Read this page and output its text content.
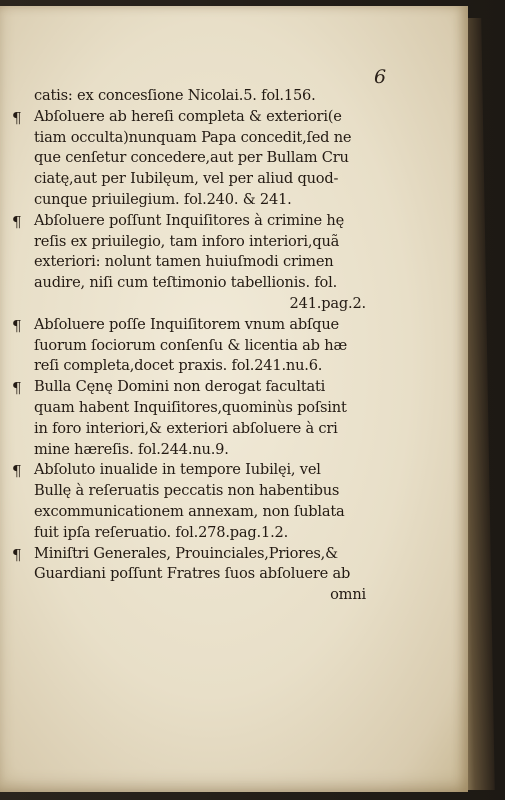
6
catis: ex concesſione Nicolai.5. fol.156.
¶ Abſoluere ab hereſi completa & exteriori(e
tiam occulta)nunquam Papa concedit,ſed ne
que cenſetur concedere,aut per Bullam Cru
ciatę,aut per Iubilęum, vel per aliud quod-
cunque priuilegium. fol.240. & 241.
¶ Abſoluere poſſunt Inquiſitores à crimine hę
reſis ex priuilegio, tam inforo interiori,quã
exteriori: nolunt tamen huiuſmodi crimen
audire, niſi cum teſtimonio tabellionis. fol.
241.pag.2.
¶ Abſoluere poſſe Inquiſitorem vnum abſque
ſuorum ſociorum conſenſu & licentia ab hæ
reſi completa,docet praxis. fol.241.nu.6.
¶ Bulla Cęnę Domini non derogat facultati
quam habent Inquiſitores,quominùs poſsint
in foro interiori,& exteriori abſoluere à cri
mine hæreſis. fol.244.nu.9.
¶ Abſoluto inualide in tempore Iubilęi, vel
Bullę à reſeruatis peccatis non habentibus
excommunicationem annexam, non ſublata
fuit ipſa reſeruatio. fol.278.pag.1.2.
¶ Miniſtri Generales, Prouinciales,Priores,&
Guardiani poſſunt Fratres ſuos abſoluere ab
omni
